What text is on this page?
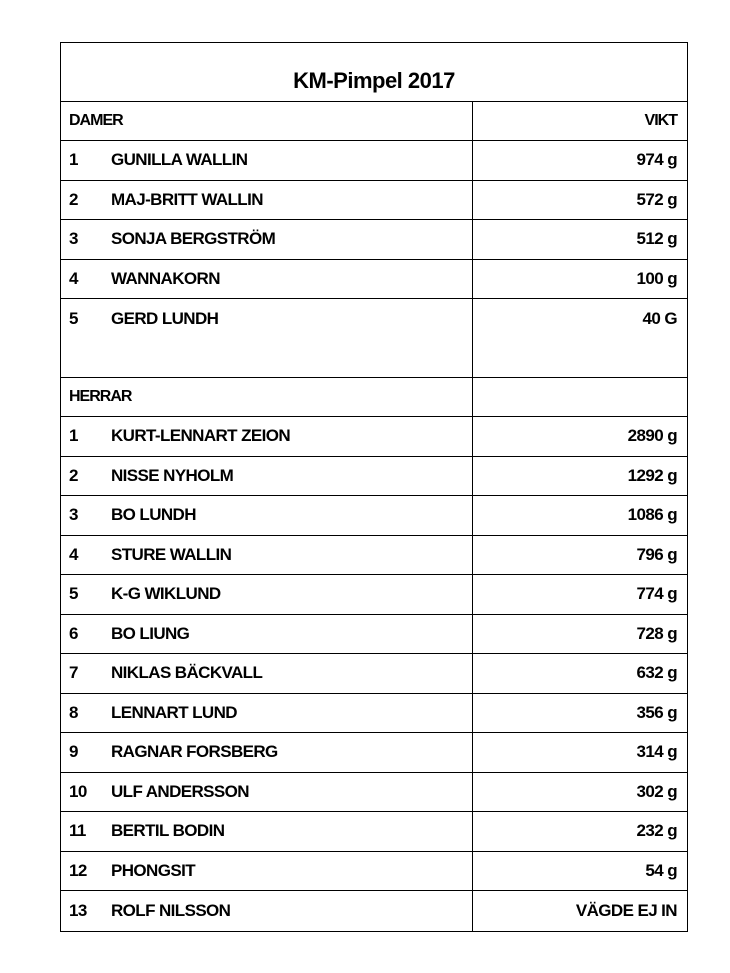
KM-Pimpel 2017
DAMER	VIKT
1	GUNILLA WALLIN	974 g
2	MAJ-BRITT WALLIN	572 g
3	SONJA BERGSTRÖM	512 g
4	WANNAKORN	100 g
5	GERD LUNDH	40 G
HERRAR
1	KURT-LENNART ZEION	2890 g
2	NISSE NYHOLM	1292 g
3	BO LUNDH	1086 g
4	STURE WALLIN	796 g
5	K-G WIKLUND	774 g
6	BO LIUNG	728 g
7	NIKLAS BÄCKVALL	632 g
8	LENNART LUND	356 g
9	RAGNAR FORSBERG	314 g
10	ULF ANDERSSON	302 g
11	BERTIL BODIN	232 g
12	PHONGSIT	54 g
13	ROLF NILSSON	VÄGDE EJ IN
